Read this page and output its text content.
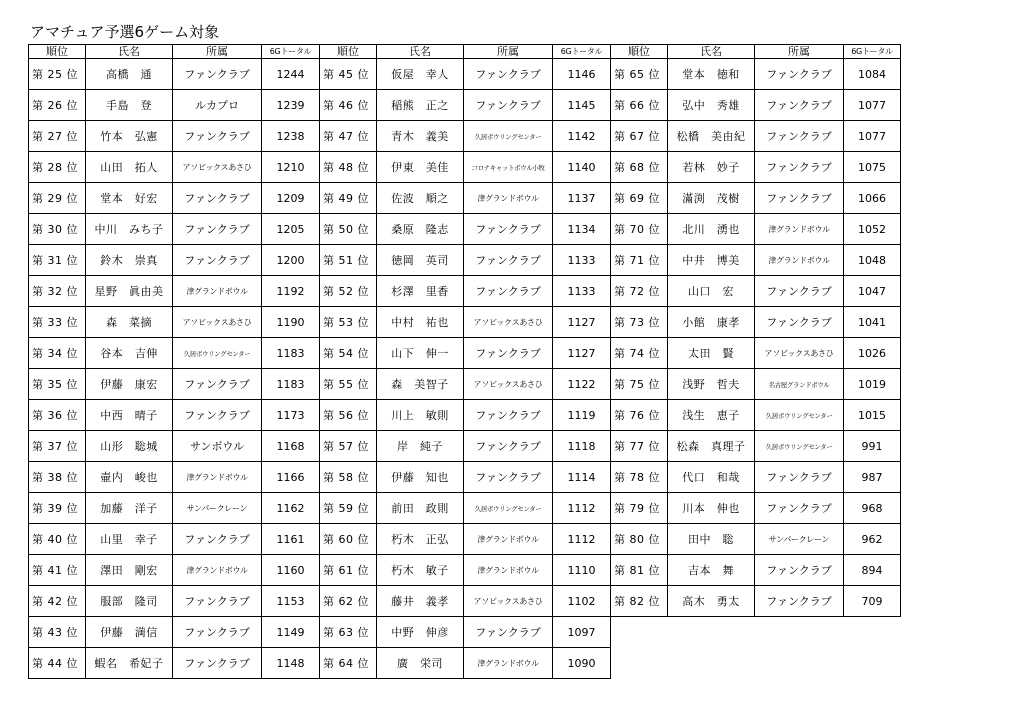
アマチュア予選6ゲーム対象
順位	氏名	所属	6Gトータル	順位	氏名	所属	6Gトータル	順位	氏名	所属	6Gトータル
第 25 位	高橋　通	ファンクラブ	1244	第 45 位	仮屋　幸人	ファンクラブ	1146	第 65 位	堂本　徳和	ファンクラブ	1084
第 26 位	手島　登	ルカプロ	1239	第 46 位	稲熊　正之	ファンクラブ	1145	第 66 位	弘中　秀雄	ファンクラブ	1077
第 27 位	竹本　弘憲	ファンクラブ	1238	第 47 位	青木　義美	久居ボウリングセンター	1142	第 67 位	松橋　美由紀	ファンクラブ	1077
第 28 位	山田　拓人	アソビックスあさひ	1210	第 48 位	伊東　美佳	コロナキャットボウル小牧	1140	第 68 位	若林　妙子	ファンクラブ	1075
第 29 位	堂本　好宏	ファンクラブ	1209	第 49 位	佐波　順之	津グランドボウル	1137	第 69 位	滿渕　茂樹	ファンクラブ	1066
第 30 位	中川　みち子	ファンクラブ	1205	第 50 位	桑原　隆志	ファンクラブ	1134	第 70 位	北川　湧也	津グランドボウル	1052
第 31 位	鈴木　崇真	ファンクラブ	1200	第 51 位	徳岡　英司	ファンクラブ	1133	第 71 位	中井　博美	津グランドボウル	1048
第 32 位	星野　眞由美	津グランドボウル	1192	第 52 位	杉澤　里香	ファンクラブ	1133	第 72 位	山口　宏	ファンクラブ	1047
第 33 位	森　菜摘	アソビックスあさひ	1190	第 53 位	中村　祐也	アソビックスあさひ	1127	第 73 位	小館　康孝	ファンクラブ	1041
第 34 位	谷本　吉伸	久居ボウリングセンター	1183	第 54 位	山下　伸一	ファンクラブ	1127	第 74 位	太田　賢	アソビックスあさひ	1026
第 35 位	伊藤　康宏	ファンクラブ	1183	第 55 位	森　美智子	アソビックスあさひ	1122	第 75 位	浅野　哲夫	名古屋グランドボウル	1019
第 36 位	中西　晴子	ファンクラブ	1173	第 56 位	川上　敏則	ファンクラブ	1119	第 76 位	浅生　恵子	久居ボウリングセンター	1015
第 37 位	山形　聡城	サンボウル	1168	第 57 位	岸　純子	ファンクラブ	1118	第 77 位	松森　真理子	久居ボウリングセンター	991
第 38 位	壷内　峻也	津グランドボウル	1166	第 58 位	伊藤　知也	ファンクラブ	1114	第 78 位	代口　和哉	ファンクラブ	987
第 39 位	加藤　洋子	サンパークレーン	1162	第 59 位	前田　政則	久居ボウリングセンター	1112	第 79 位	川本　伸也	ファンクラブ	968
第 40 位	山里　幸子	ファンクラブ	1161	第 60 位	朽木　正弘	津グランドボウル	1112	第 80 位	田中　聡	サンパークレーン	962
第 41 位	澤田　剛宏	津グランドボウル	1160	第 61 位	朽木　敏子	津グランドボウル	1110	第 81 位	吉本　舞	ファンクラブ	894
第 42 位	服部　隆司	ファンクラブ	1153	第 62 位	藤井　義孝	アソビックスあさひ	1102	第 82 位	高木　勇太	ファンクラブ	709
第 43 位	伊藤　満信	ファンクラブ	1149	第 63 位	中野　伸彦	ファンクラブ	1097				
第 44 位	蝦名　希妃子	ファンクラブ	1148	第 64 位	廣　栄司	津グランドボウル	1090				
